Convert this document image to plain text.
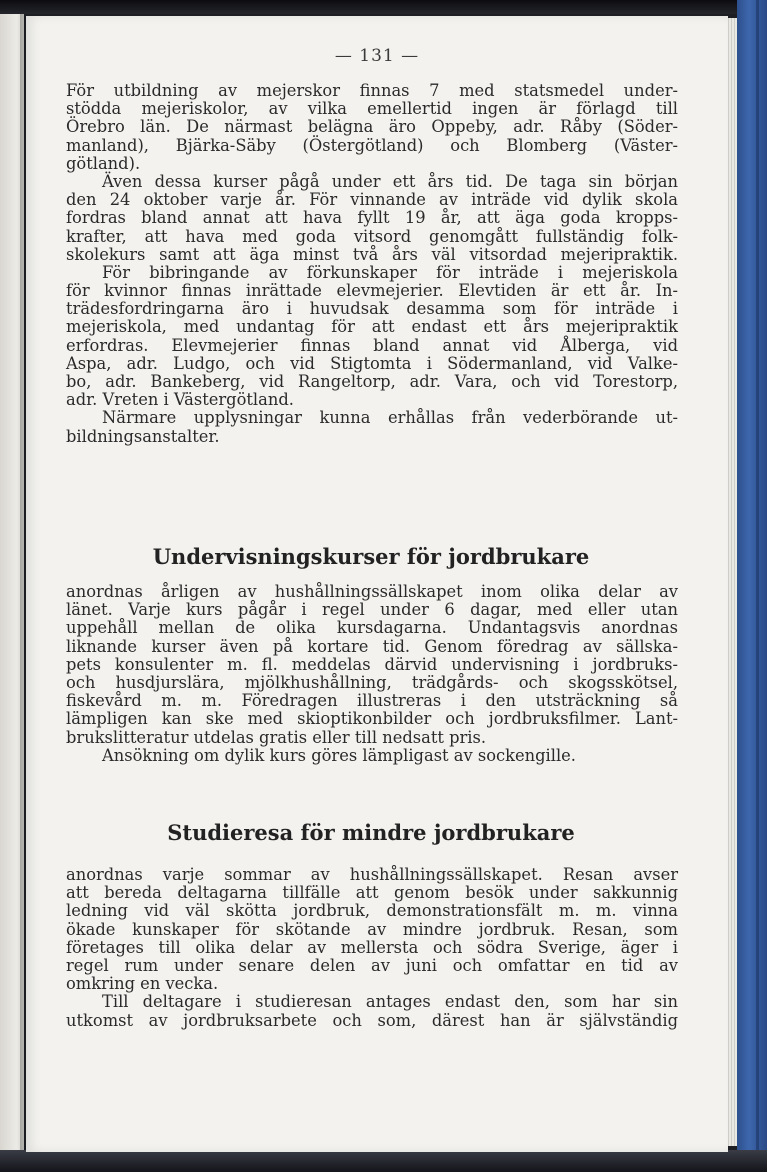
— 131 —
För utbildning av mejerskor finnas 7 med statsmedel under-
stödda mejeriskolor, av vilka emellertid ingen är förlagd till
Örebro län. De närmast belägna äro Oppeby, adr. Råby (Söder-
manland), Bjärka-Säby (Östergötland) och Blomberg (Väster-
götland).
Även dessa kurser pågå under ett års tid. De taga sin början
den 24 oktober varje år. För vinnande av inträde vid dylik skola
fordras bland annat att hava fyllt 19 år, att äga goda kropps-
krafter, att hava med goda vitsord genomgått fullständig folk-
skolekurs samt att äga minst två års väl vitsordad mejeripraktik.
För bibringande av förkunskaper för inträde i mejeriskola
för kvinnor finnas inrättade elevmejerier. Elevtiden är ett år. In-
trädesfordringarna äro i huvudsak desamma som för inträde i
mejeriskola, med undantag för att endast ett års mejeripraktik
erfordras. Elevmejerier finnas bland annat vid Ålberga, vid
Aspa, adr. Ludgo, och vid Stigtomta i Södermanland, vid Valke-
bo, adr. Bankeberg, vid Rangeltorp, adr. Vara, och vid Torestorp,
adr. Vreten i Västergötland.
Närmare upplysningar kunna erhållas från vederbörande ut-
bildningsanstalter.
Undervisningskurser för jordbrukare
anordnas årligen av hushållningssällskapet inom olika delar av
länet. Varje kurs pågår i regel under 6 dagar, med eller utan
uppehåll mellan de olika kursdagarna. Undantagsvis anordnas
liknande kurser även på kortare tid. Genom föredrag av sällska-
pets konsulenter m. fl. meddelas därvid undervisning i jordbruks-
och husdjurslära, mjölkhushållning, trädgårds- och skogsskötsel,
fiskevård m. m. Föredragen illustreras i den utsträckning så
lämpligen kan ske med skioptikonbilder och jordbruksfilmer. Lant-
brukslitteratur utdelas gratis eller till nedsatt pris.
Ansökning om dylik kurs göres lämpligast av sockengille.
Studieresa för mindre jordbrukare
anordnas varje sommar av hushållningssällskapet. Resan avser
att bereda deltagarna tillfälle att genom besök under sakkunnig
ledning vid väl skötta jordbruk, demonstrationsfält m. m. vinna
ökade kunskaper för skötande av mindre jordbruk. Resan, som
företages till olika delar av mellersta och södra Sverige, äger i
regel rum under senare delen av juni och omfattar en tid av
omkring en vecka.
Till deltagare i studieresan antages endast den, som har sin
utkomst av jordbruksarbete och som, därest han är självständig
